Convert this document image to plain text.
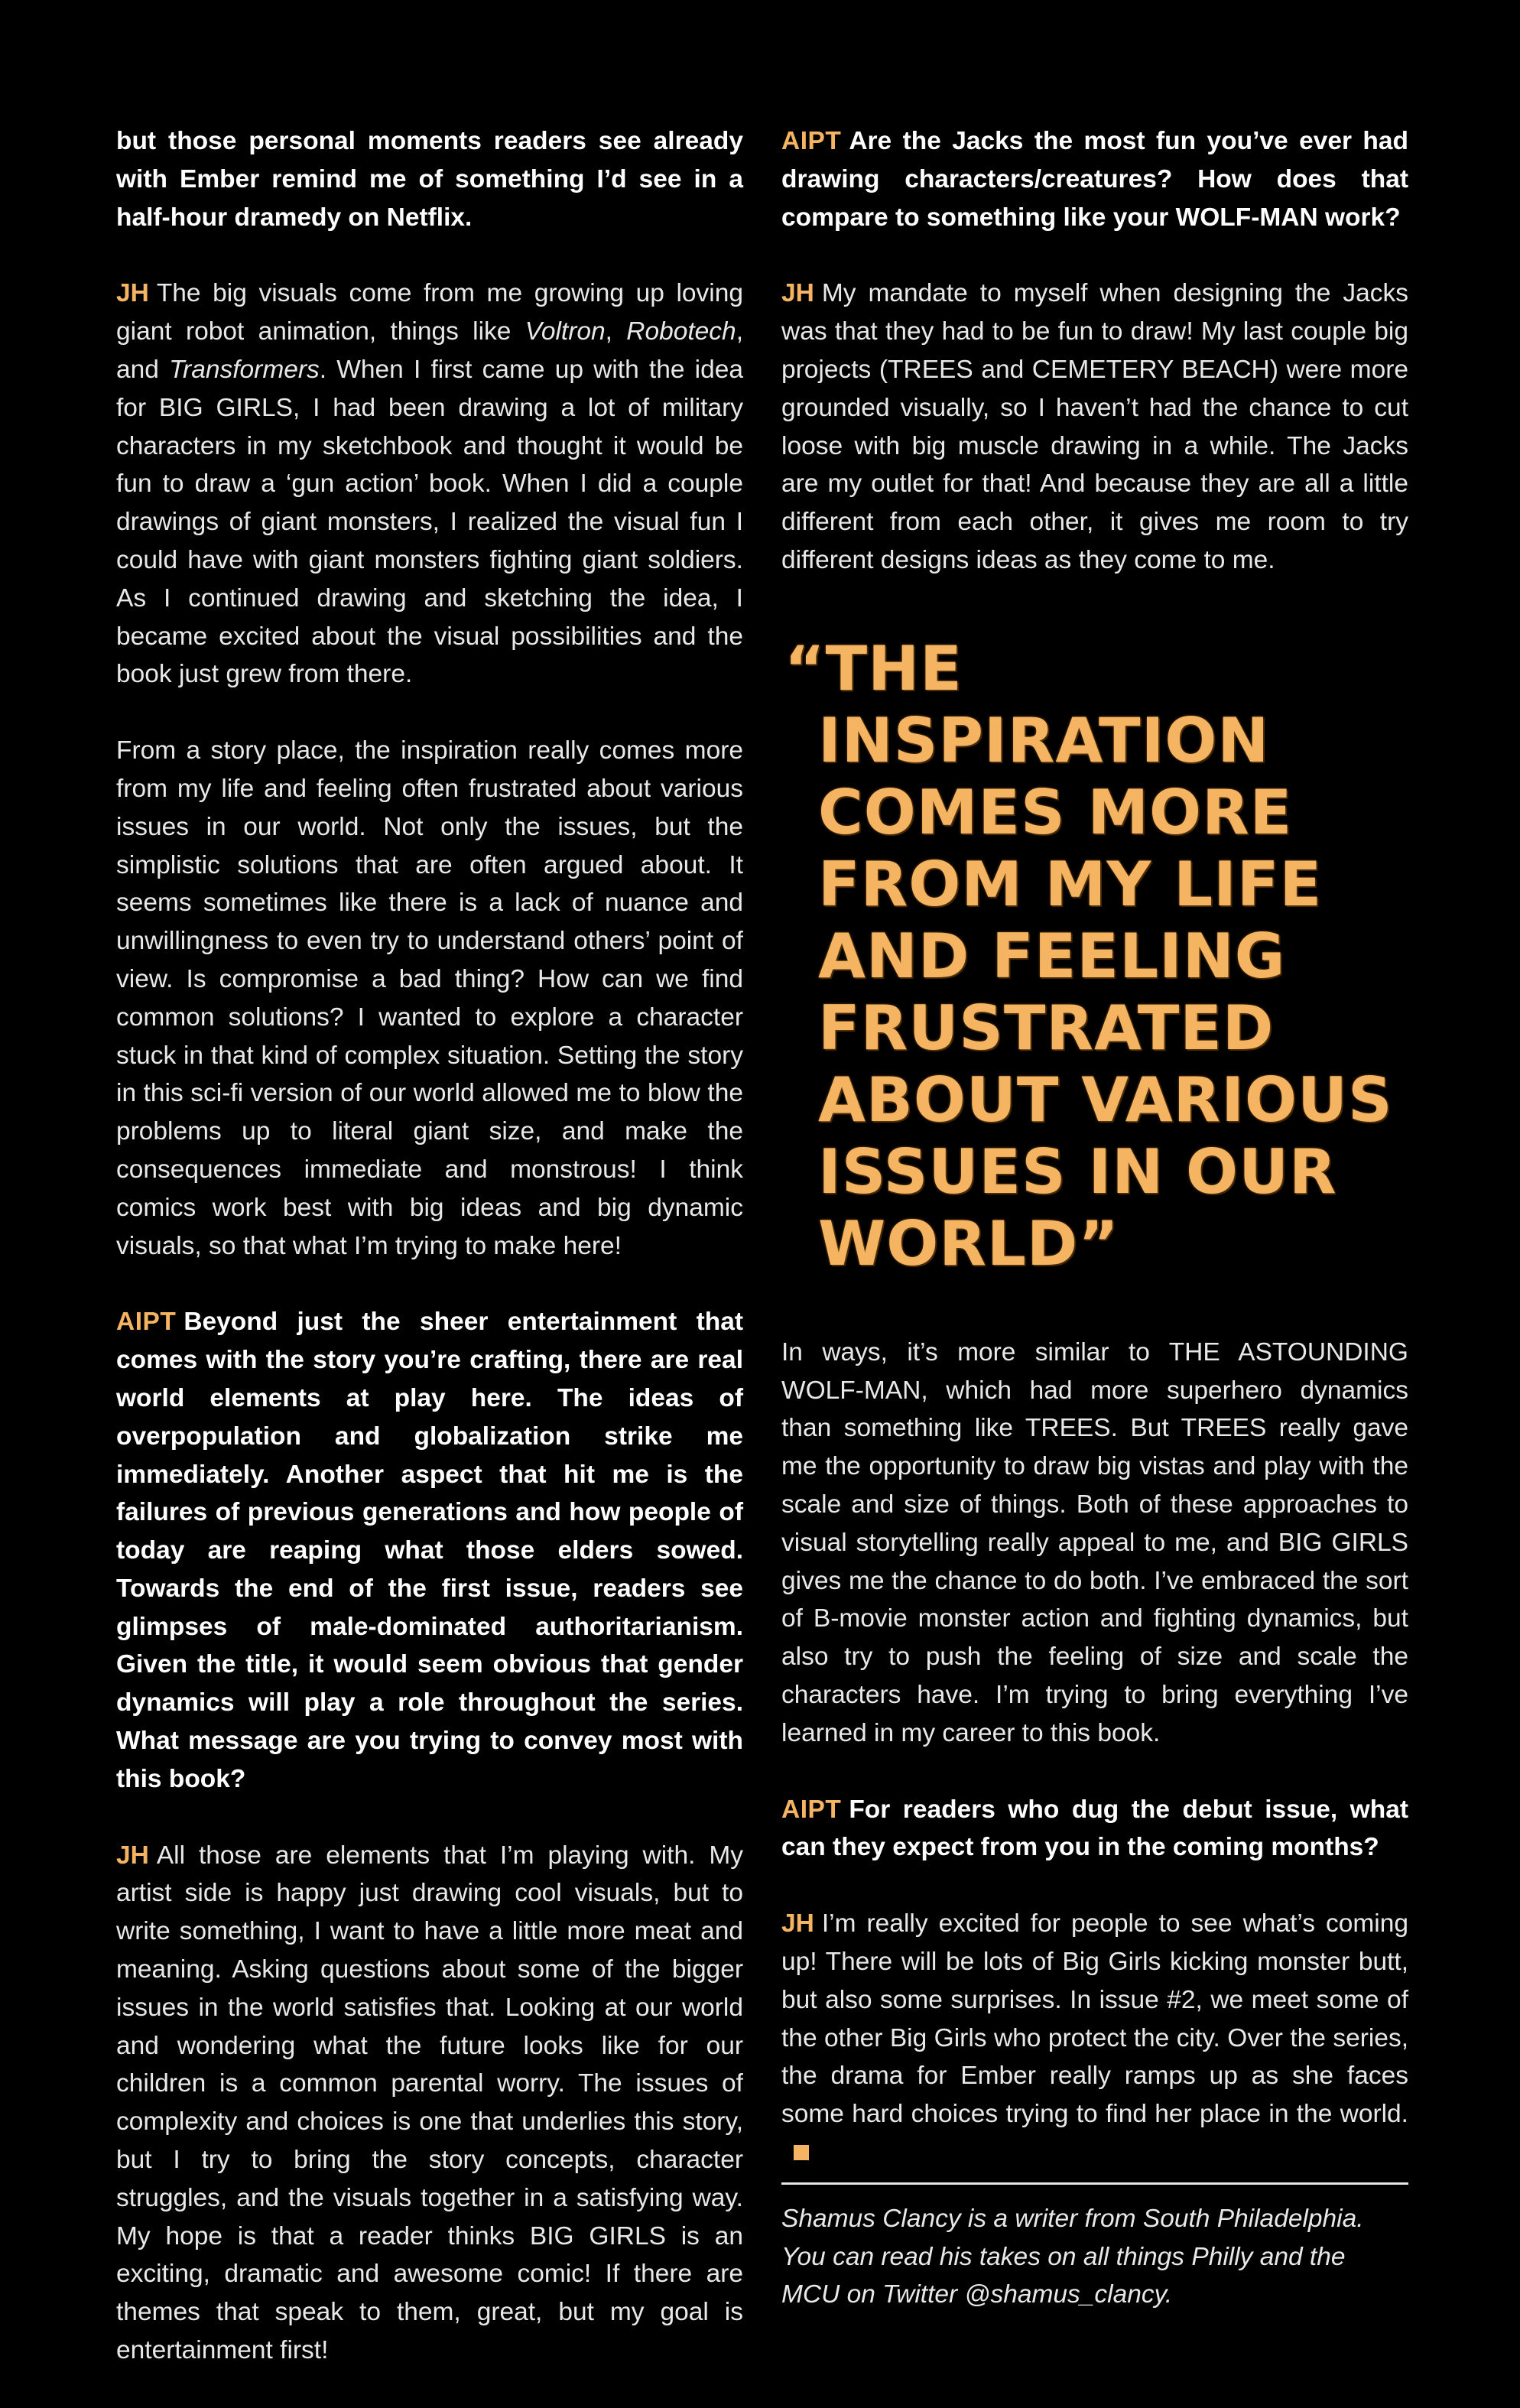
but those personal moments readers see already with Ember remind me of something I’d see in a half-hour dramedy on Netflix.

JH The big visuals come from me growing up loving giant robot animation, things like Voltron, Robotech, and Transformers. When I first came up with the idea for BIG GIRLS, I had been drawing a lot of military characters in my sketchbook and thought it would be fun to draw a ‘gun action’ book. When I did a couple drawings of giant monsters, I realized the visual fun I could have with giant monsters fighting giant soldiers. As I continued drawing and sketching the idea, I became excited about the visual possibilities and the book just grew from there.

From a story place, the inspiration really comes more from my life and feeling often frustrated about various issues in our world. Not only the issues, but the simplistic solutions that are often argued about. It seems sometimes like there is a lack of nuance and unwillingness to even try to understand others’ point of view. Is compromise a bad thing? How can we find common solutions? I wanted to explore a character stuck in that kind of complex situation. Setting the story in this sci-fi version of our world allowed me to blow the problems up to literal giant size, and make the consequences immediate and monstrous! I think comics work best with big ideas and big dynamic visuals, so that what I’m trying to make here!

AIPT Beyond just the sheer entertainment that comes with the story you’re crafting, there are real world elements at play here. The ideas of overpopulation and globalization strike me immediately. Another aspect that hit me is the failures of previous generations and how people of today are reaping what those elders sowed. Towards the end of the first issue, readers see glimpses of male-dominated authoritarianism. Given the title, it would seem obvious that gender dynamics will play a role throughout the series. What message are you trying to convey most with this book?

JH All those are elements that I’m playing with. My artist side is happy just drawing cool visuals, but to write something, I want to have a little more meat and meaning. Asking questions about some of the bigger issues in the world satisfies that. Looking at our world and wondering what the future looks like for our children is a common parental worry. The issues of complexity and choices is one that underlies this story, but I try to bring the story concepts, character struggles, and the visuals together in a satisfying way. My hope is that a reader thinks BIG GIRLS is an exciting, dramatic and awesome comic! If there are themes that speak to them, great, but my goal is entertainment first!

AIPT Are the Jacks the most fun you’ve ever had drawing characters/creatures? How does that compare to something like your WOLF-MAN work?

JH My mandate to myself when designing the Jacks was that they had to be fun to draw! My last couple big projects (TREES and CEMETERY BEACH) were more grounded visually, so I haven’t had the chance to cut loose with big muscle drawing in a while. The Jacks are my outlet for that! And because they are all a little different from each other, it gives me room to try different designs ideas as they come to me.

“THE INSPIRATION COMES MORE FROM MY LIFE AND FEELING FRUSTRATED ABOUT VARIOUS ISSUES IN OUR WORLD”

In ways, it’s more similar to THE ASTOUNDING WOLF-MAN, which had more superhero dynamics than something like TREES. But TREES really gave me the opportunity to draw big vistas and play with the scale and size of things. Both of these approaches to visual storytelling really appeal to me, and BIG GIRLS gives me the chance to do both. I’ve embraced the sort of B-movie monster action and fighting dynamics, but also try to push the feeling of size and scale the characters have. I’m trying to bring everything I’ve learned in my career to this book.

AIPT For readers who dug the debut issue, what can they expect from you in the coming months?

JH I’m really excited for people to see what’s coming up! There will be lots of Big Girls kicking monster butt, but also some surprises. In issue #2, we meet some of the other Big Girls who protect the city. Over the series, the drama for Ember really ramps up as she faces some hard choices trying to find her place in the world.

Shamus Clancy is a writer from South Philadelphia. You can read his takes on all things Philly and the MCU on Twitter @shamus_clancy.
